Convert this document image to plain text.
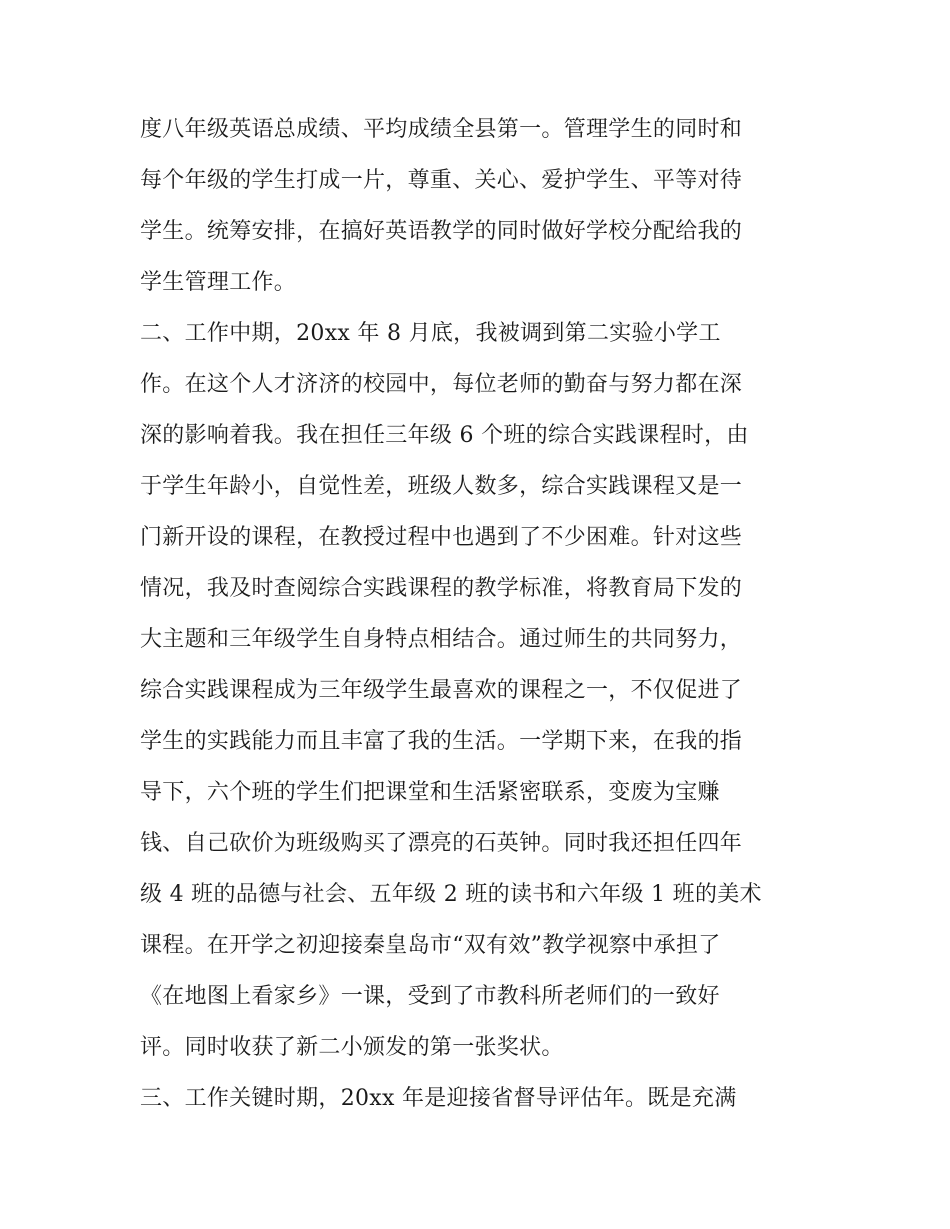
度八年级英语总成绩、平均成绩全县第一。管理学生的同时和
每个年级的学生打成一片，尊重、关心、爱护学生、平等对待
学生。统筹安排，在搞好英语教学的同时做好学校分配给我的
学生管理工作。
二、工作中期，20xx 年 8 月底，我被调到第二实验小学工
作。在这个人才济济的校园中，每位老师的勤奋与努力都在深
深的影响着我。我在担任三年级 6 个班的综合实践课程时，由
于学生年龄小，自觉性差，班级人数多，综合实践课程又是一
门新开设的课程，在教授过程中也遇到了不少困难。针对这些
情况，我及时查阅综合实践课程的教学标准，将教育局下发的
大主题和三年级学生自身特点相结合。通过师生的共同努力，
综合实践课程成为三年级学生最喜欢的课程之一，不仅促进了
学生的实践能力而且丰富了我的生活。一学期下来，在我的指
导下，六个班的学生们把课堂和生活紧密联系，变废为宝赚
钱、自己砍价为班级购买了漂亮的石英钟。同时我还担任四年
级 4 班的品德与社会、五年级 2 班的读书和六年级 1 班的美术
课程。在开学之初迎接秦皇岛市“双有效”教学视察中承担了
《在地图上看家乡》一课，受到了市教科所老师们的一致好
评。同时收获了新二小颁发的第一张奖状。
三、工作关键时期，20xx 年是迎接省督导评估年。既是充满
